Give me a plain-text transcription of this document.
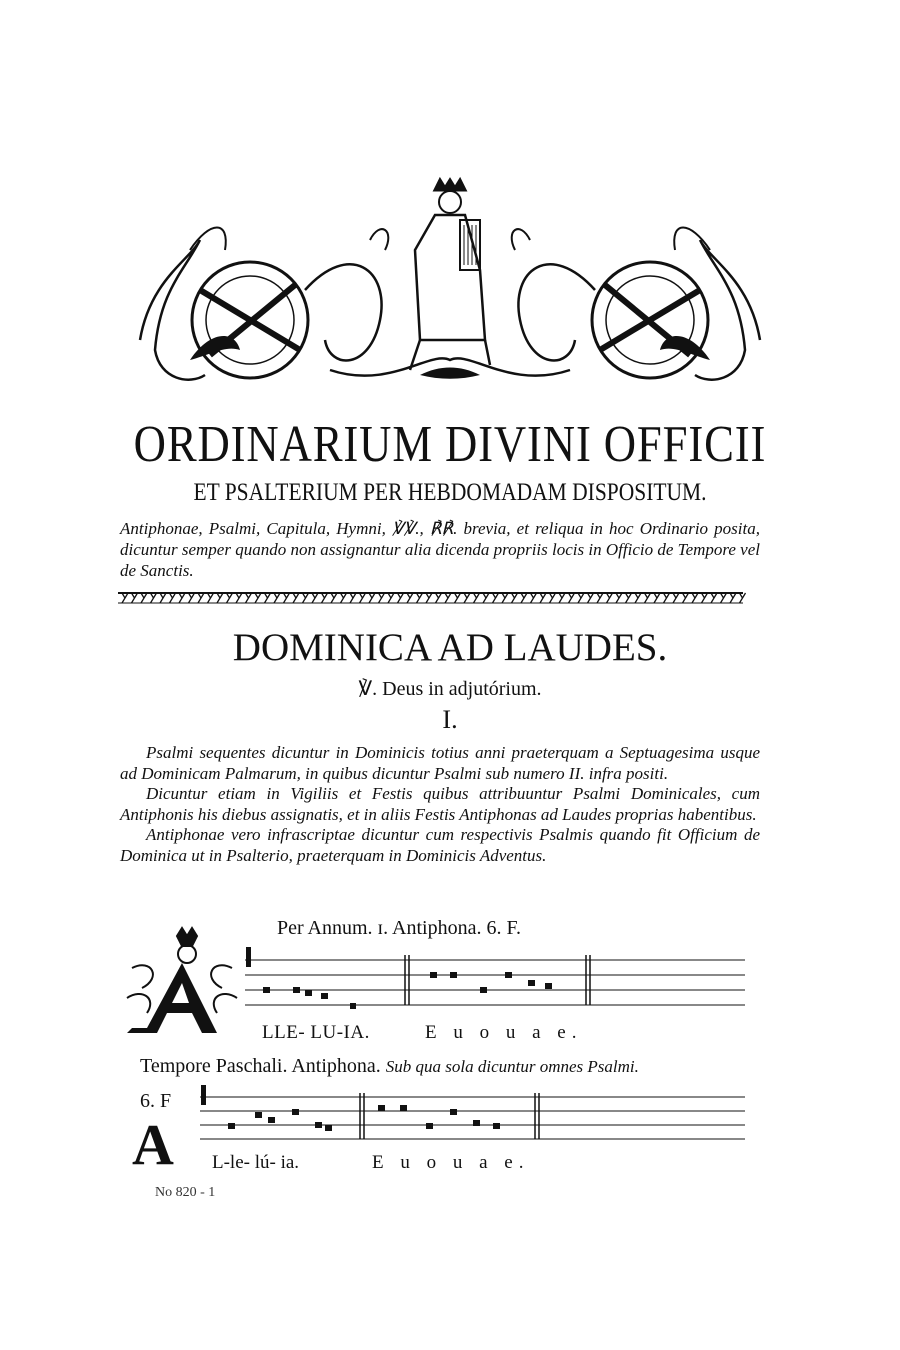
ORDINARIUM DIVINI OFFICII
ET PSALTERIUM PER HEBDOMADAM DISPOSITUM.
Antiphonae, Psalmi, Capitula, Hymni, ℣℣., ℟℟. brevia, et reliqua in hoc Ordinario posita, dicuntur semper quando non assignantur alia dicenda propriis locis in Officio de Tempore vel de Sanctis.
DOMINICA AD LAUDES.
℣. Deus in adjutórium.
I.

Psalmi sequentes dicuntur in Dominicis totius anni praeterquam a Septuagesima usque ad Dominicam Palmarum, in quibus dicuntur Psalmi sub numero II. infra positi.

Dicuntur etiam in Vigiliis et Festis quibus attribuuntur Psalmi Dominicales, cum Antiphonis his diebus assignatis, et in aliis Festis Antiphonas ad Laudes proprias habentibus.

Antiphonae vero infrascriptae dicuntur cum respectivis Psalmis quando fit Officium de Dominica ut in Psalterio, praeterquam in Dominicis Adventus.

Per Annum. ɪ. Antiphona. 6. F.
LLE- LU-IA.	E u o u a e.
Tempore Paschali. Antiphona. Sub qua sola dicuntur omnes Psalmi.
6. F
A L-le- lú- ia.	E u o u a e.
No 820 - 1
